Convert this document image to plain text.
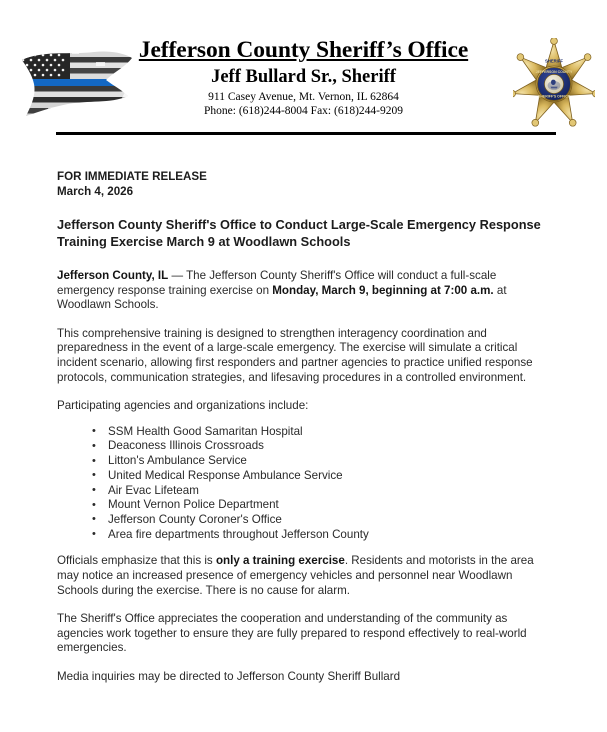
Jefferson County Sheriff’s Office
Jeff Bullard Sr., Sheriff
911 Casey Avenue, Mt. Vernon, IL 62864
Phone: (618)244-8004 Fax: (618)244-9209
JEFFERSON COUNTY
SHERIFF'S OFFICE
SHERIFF
FOR IMMEDIATE RELEASE
March 4, 2026
Jefferson County Sheriff's Office to Conduct Large-Scale Emergency Response Training Exercise March 9 at Woodlawn Schools

Jefferson County, IL — The Jefferson County Sheriff's Office will conduct a full-scale emergency response training exercise on Monday, March 9, beginning at 7:00 a.m. at Woodlawn Schools.

This comprehensive training is designed to strengthen interagency coordination and preparedness in the event of a large-scale emergency. The exercise will simulate a critical incident scenario, allowing first responders and partner agencies to practice unified response protocols, communication strategies, and lifesaving procedures in a controlled environment.

Participating agencies and organizations include:

• SSM Health Good Samaritan Hospital
• Deaconess Illinois Crossroads
• Litton's Ambulance Service
• United Medical Response Ambulance Service
• Air Evac Lifeteam
• Mount Vernon Police Department
• Jefferson County Coroner's Office
• Area fire departments throughout Jefferson County

Officials emphasize that this is only a training exercise. Residents and motorists in the area may notice an increased presence of emergency vehicles and personnel near Woodlawn Schools during the exercise. There is no cause for alarm.

The Sheriff's Office appreciates the cooperation and understanding of the community as agencies work together to ensure they are fully prepared to respond effectively to real-world emergencies.

Media inquiries may be directed to Jefferson County Sheriff Bullard
